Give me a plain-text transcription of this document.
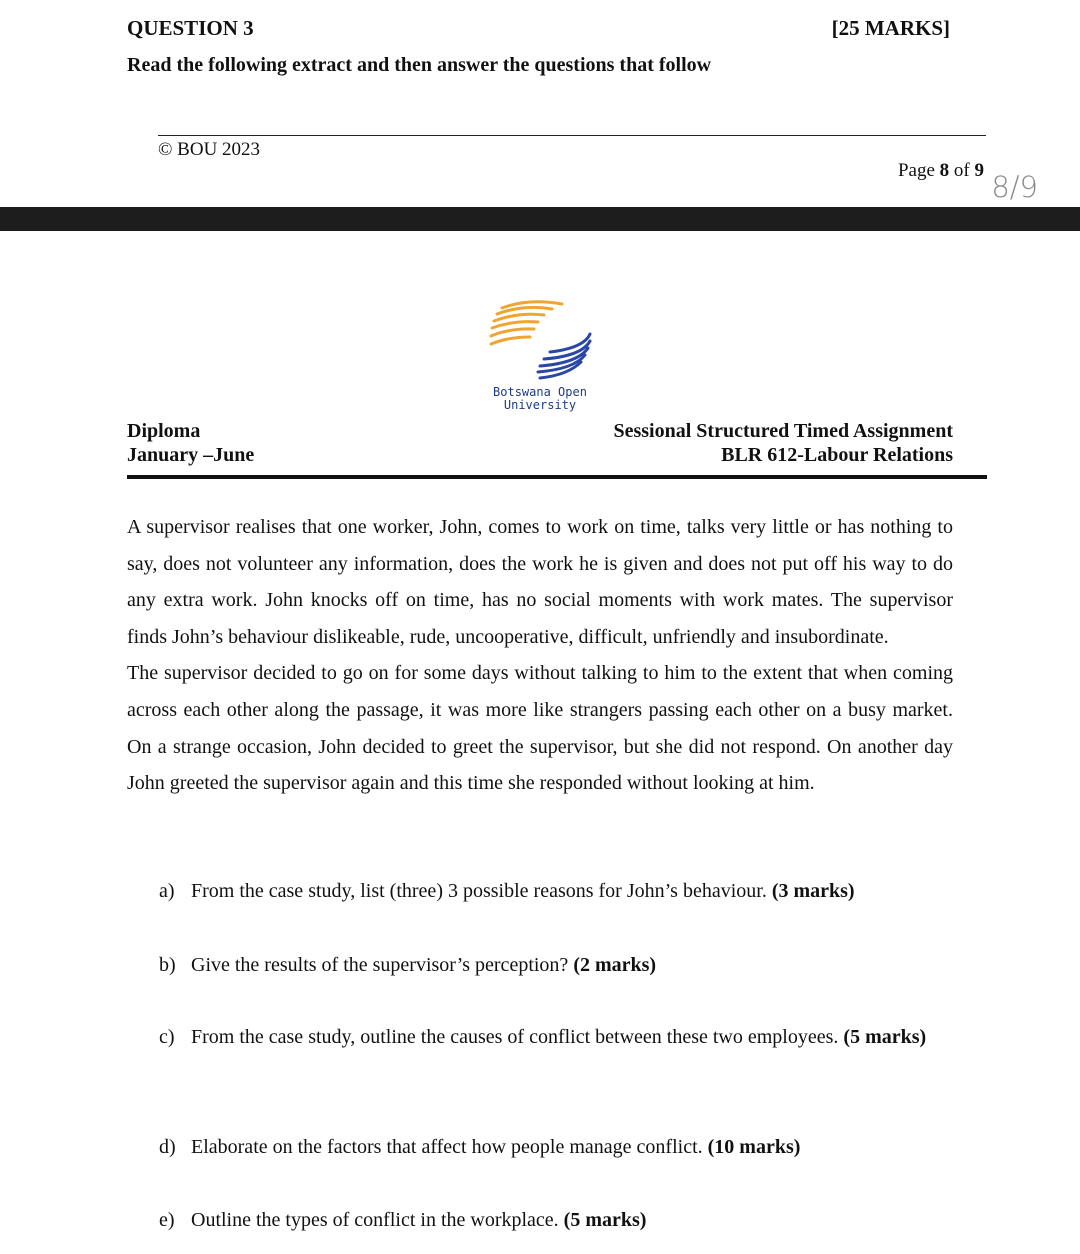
QUESTION 3	[25 MARKS]
Read the following extract and then answer the questions that follow
© BOU 2023
Page 8 of 9 8/9
Botswana Open
University
Diploma
January –June
Sessional Structured Timed Assignment
BLR 612-Labour Relations

A supervisor realises that one worker, John, comes to work on time, talks very little or has nothing to say, does not volunteer any information, does the work he is given and does not put off his way to do any extra work. John knocks off on time, has no social moments with work mates. The supervisor finds John’s behaviour dislikeable, rude, uncooperative, difficult, unfriendly and insubordinate.

The supervisor decided to go on for some days without talking to him to the extent that when coming across each other along the passage, it was more like strangers passing each other on a busy market. On a strange occasion, John decided to greet the supervisor, but she did not respond. On another day John greeted the supervisor again and this time she responded without looking at him.

a) From the case study, list (three) 3 possible reasons for John’s behaviour. (3 marks)
b) Give the results of the supervisor’s perception? (2 marks)
c) From the case study, outline the causes of conflict between these two employees. (5 marks)
d) Elaborate on the factors that affect how people manage conflict. (10 marks)
e) Outline the types of conflict in the workplace. (5 marks)
